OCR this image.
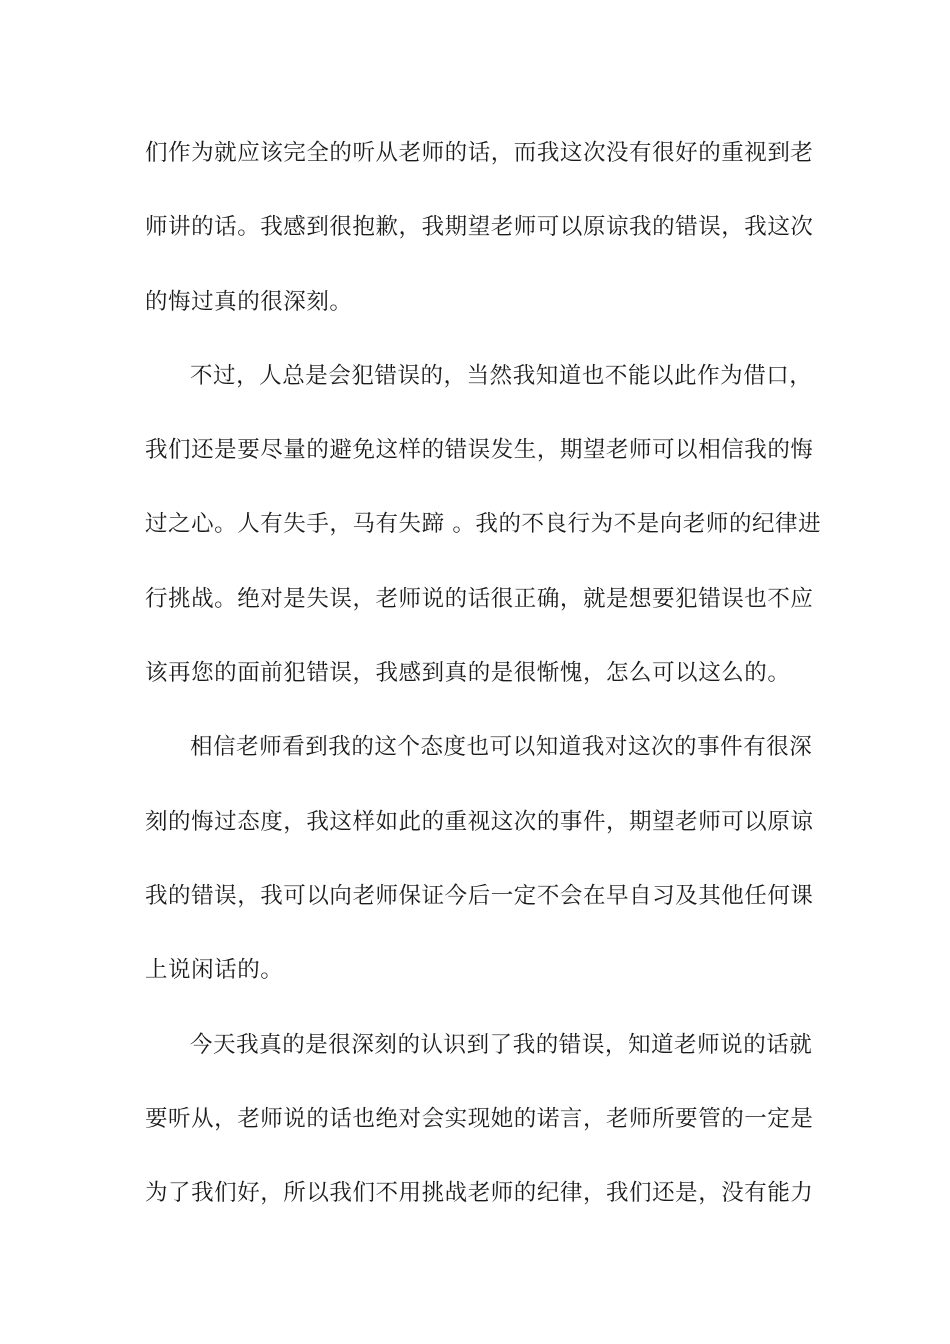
们作为就应该完全的听从老师的话，而我这次没有很好的重视到老
师讲的话。我感到很抱歉，我期望老师可以原谅我的错误，我这次
的悔过真的很深刻。
不过，人总是会犯错误的，当然我知道也不能以此作为借口，
我们还是要尽量的避免这样的错误发生，期望老师可以相信我的悔
过之心。人有失手，马有失蹄 。我的不良行为不是向老师的纪律进
行挑战。绝对是失误，老师说的话很正确，就是想要犯错误也不应
该再您的面前犯错误，我感到真的是很惭愧，怎么可以这么的。
相信老师看到我的这个态度也可以知道我对这次的事件有很深
刻的悔过态度，我这样如此的重视这次的事件，期望老师可以原谅
我的错误，我可以向老师保证今后一定不会在早自习及其他任何课
上说闲话的。
今天我真的是很深刻的认识到了我的错误，知道老师说的话就
要听从，老师说的话也绝对会实现她的诺言，老师所要管的一定是
为了我们好，所以我们不用挑战老师的纪律，我们还是，没有能力
